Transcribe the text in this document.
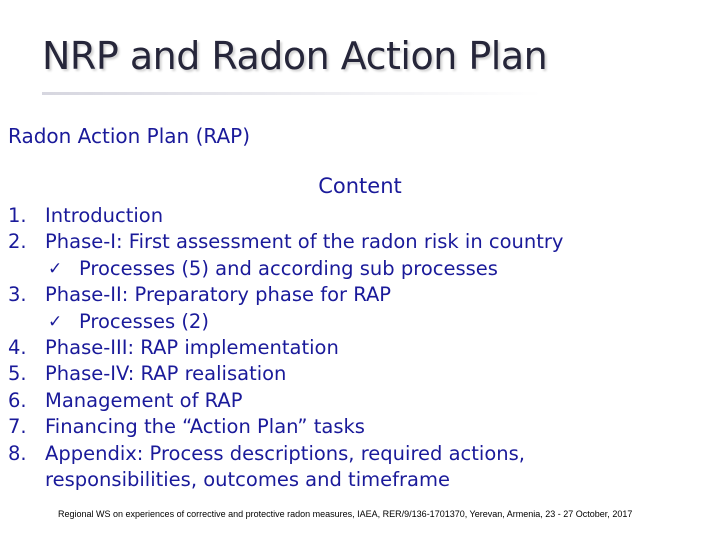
NRP and Radon Action Plan
Radon Action Plan (RAP)
Content
1. Introduction
2. Phase-I: First assessment of the radon risk in country
✓ Processes (5) and according sub processes
3. Phase-II: Preparatory phase for RAP
✓ Processes (2)
4. Phase-III: RAP implementation
5. Phase-IV: RAP realisation
6. Management of RAP
7. Financing the “Action Plan” tasks
8. Appendix: Process descriptions, required actions,
responsibilities, outcomes and timeframe
Regional WS on experiences of corrective and protective radon measures, IAEA, RER/9/136-1701370, Yerevan, Armenia, 23 - 27 October, 2017
